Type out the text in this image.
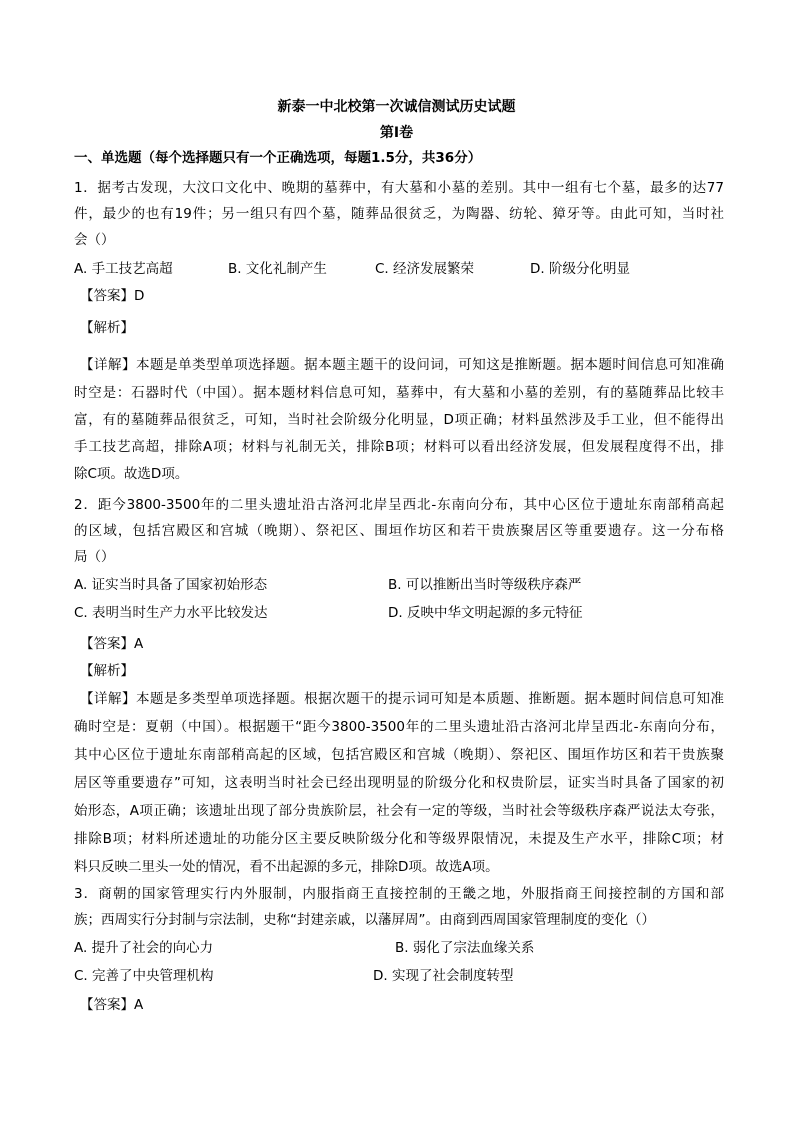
新泰一中北校第一次诚信测试历史试题
第I卷
一、单选题（每个选择题只有一个正确选项，每题1.5分，共36分）
1．据考古发现，大汶口文化中、晚期的墓葬中，有大墓和小墓的差别。其中一组有七个墓，最多的达77
件，最少的也有19件；另一组只有四个墓，随葬品很贫乏，为陶器、纺轮、獐牙等。由此可知，当时社
会（）
A. 手工技艺高超	B. 文化礼制产生	C. 经济发展繁荣	D. 阶级分化明显
【答案】D
【解析】
【详解】本题是单类型单项选择题。据本题主题干的设问词，可知这是推断题。据本题时间信息可知准确
时空是：石器时代（中国）。据本题材料信息可知，墓葬中，有大墓和小墓的差别，有的墓随葬品比较丰
富，有的墓随葬品很贫乏，可知，当时社会阶级分化明显，D项正确；材料虽然涉及手工业，但不能得出
手工技艺高超，排除A项；材料与礼制无关，排除B项；材料可以看出经济发展，但发展程度得不出，排
除C项。故选D项。
2．距今3800-3500年的二里头遗址沿古洛河北岸呈西北-东南向分布，其中心区位于遗址东南部稍高起
的区域，包括宫殿区和宫城（晚期）、祭祀区、围垣作坊区和若干贵族聚居区等重要遗存。这一分布格
局（）
A. 证实当时具备了国家初始形态	B. 可以推断出当时等级秩序森严
C. 表明当时生产力水平比较发达	D. 反映中华文明起源的多元特征
【答案】A
【解析】
【详解】本题是多类型单项选择题。根据次题干的提示词可知是本质题、推断题。据本题时间信息可知准
确时空是：夏朝（中国）。根据题干“距今3800-3500年的二里头遗址沿古洛河北岸呈西北-东南向分布，
其中心区位于遗址东南部稍高起的区域，包括宫殿区和宫城（晚期）、祭祀区、围垣作坊区和若干贵族聚
居区等重要遗存”可知，这表明当时社会已经出现明显的阶级分化和权贵阶层，证实当时具备了国家的初
始形态，A项正确；该遗址出现了部分贵族阶层，社会有一定的等级，当时社会等级秩序森严说法太夸张，
排除B项；材料所述遗址的功能分区主要反映阶级分化和等级界限情况，未提及生产水平，排除C项；材
料只反映二里头一处的情况，看不出起源的多元，排除D项。故选A项。
3．商朝的国家管理实行内外服制，内服指商王直接控制的王畿之地，外服指商王间接控制的方国和部
族；西周实行分封制与宗法制，史称“封建亲戚，以藩屏周”。由商到西周国家管理制度的变化（）
A. 提升了社会的向心力	B. 弱化了宗法血缘关系
C. 完善了中央管理机构	D. 实现了社会制度转型
【答案】A
